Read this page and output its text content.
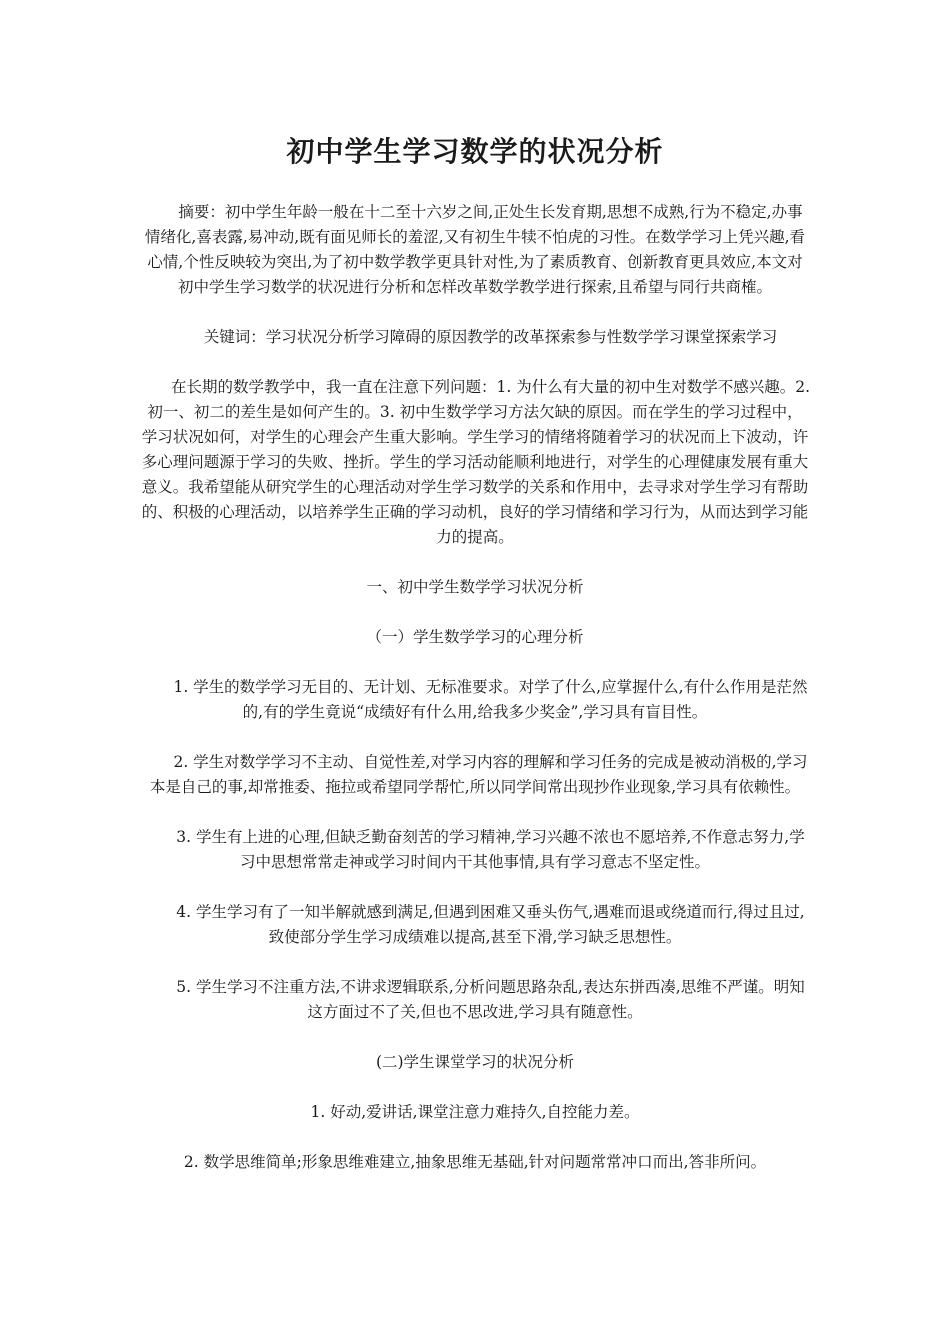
初中学生学习数学的状况分析

摘要：初中学生年龄一般在十二至十六岁之间,正处生长发育期,思想不成熟,行为不稳定,办事情绪化,喜表露,易冲动,既有面见师长的羞涩,又有初生牛犊不怕虎的习性。在数学学习上凭兴趣,看心情,个性反映较为突出,为了初中数学教学更具针对性,为了素质教育、创新教育更具效应,本文对初中学生学习数学的状况进行分析和怎样改革数学教学进行探索,且希望与同行共商榷。

关键词：学习状况分析学习障碍的原因教学的改革探索参与性数学学习课堂探索学习

在长期的数学教学中，我一直在注意下列问题：1. 为什么有大量的初中生对数学不感兴趣。2. 初一、初二的差生是如何产生的。3. 初中生数学学习方法欠缺的原因。而在学生的学习过程中，学习状况如何，对学生的心理会产生重大影响。学生学习的情绪将随着学习的状况而上下波动，许多心理问题源于学习的失败、挫折。学生的学习活动能顺利地进行，对学生的心理健康发展有重大意义。我希望能从研究学生的心理活动对学生学习数学的关系和作用中，去寻求对学生学习有帮助的、积极的心理活动，以培养学生正确的学习动机，良好的学习情绪和学习行为，从而达到学习能力的提高。

一、初中学生数学学习状况分析

（一）学生数学学习的心理分析

1. 学生的数学学习无目的、无计划、无标准要求。对学了什么,应掌握什么,有什么作用是茫然的,有的学生竟说“成绩好有什么用,给我多少奖金”,学习具有盲目性。

2. 学生对数学学习不主动、自觉性差,对学习内容的理解和学习任务的完成是被动消极的,学习本是自己的事,却常推委、拖拉或希望同学帮忙,所以同学间常出现抄作业现象,学习具有依赖性。

3. 学生有上进的心理,但缺乏勤奋刻苦的学习精神,学习兴趣不浓也不愿培养,不作意志努力,学习中思想常常走神或学习时间内干其他事情,具有学习意志不坚定性。

4. 学生学习有了一知半解就感到满足,但遇到困难又垂头伤气,遇难而退或绕道而行,得过且过,致使部分学生学习成绩难以提高,甚至下滑,学习缺乏思想性。

5. 学生学习不注重方法,不讲求逻辑联系,分析问题思路杂乱,表达东拼西凑,思维不严谨。明知这方面过不了关,但也不思改进,学习具有随意性。

(二)学生课堂学习的状况分析

1. 好动,爱讲话,课堂注意力难持久,自控能力差。

2. 数学思维简单;形象思维难建立,抽象思维无基础,针对问题常常冲口而出,答非所问。
